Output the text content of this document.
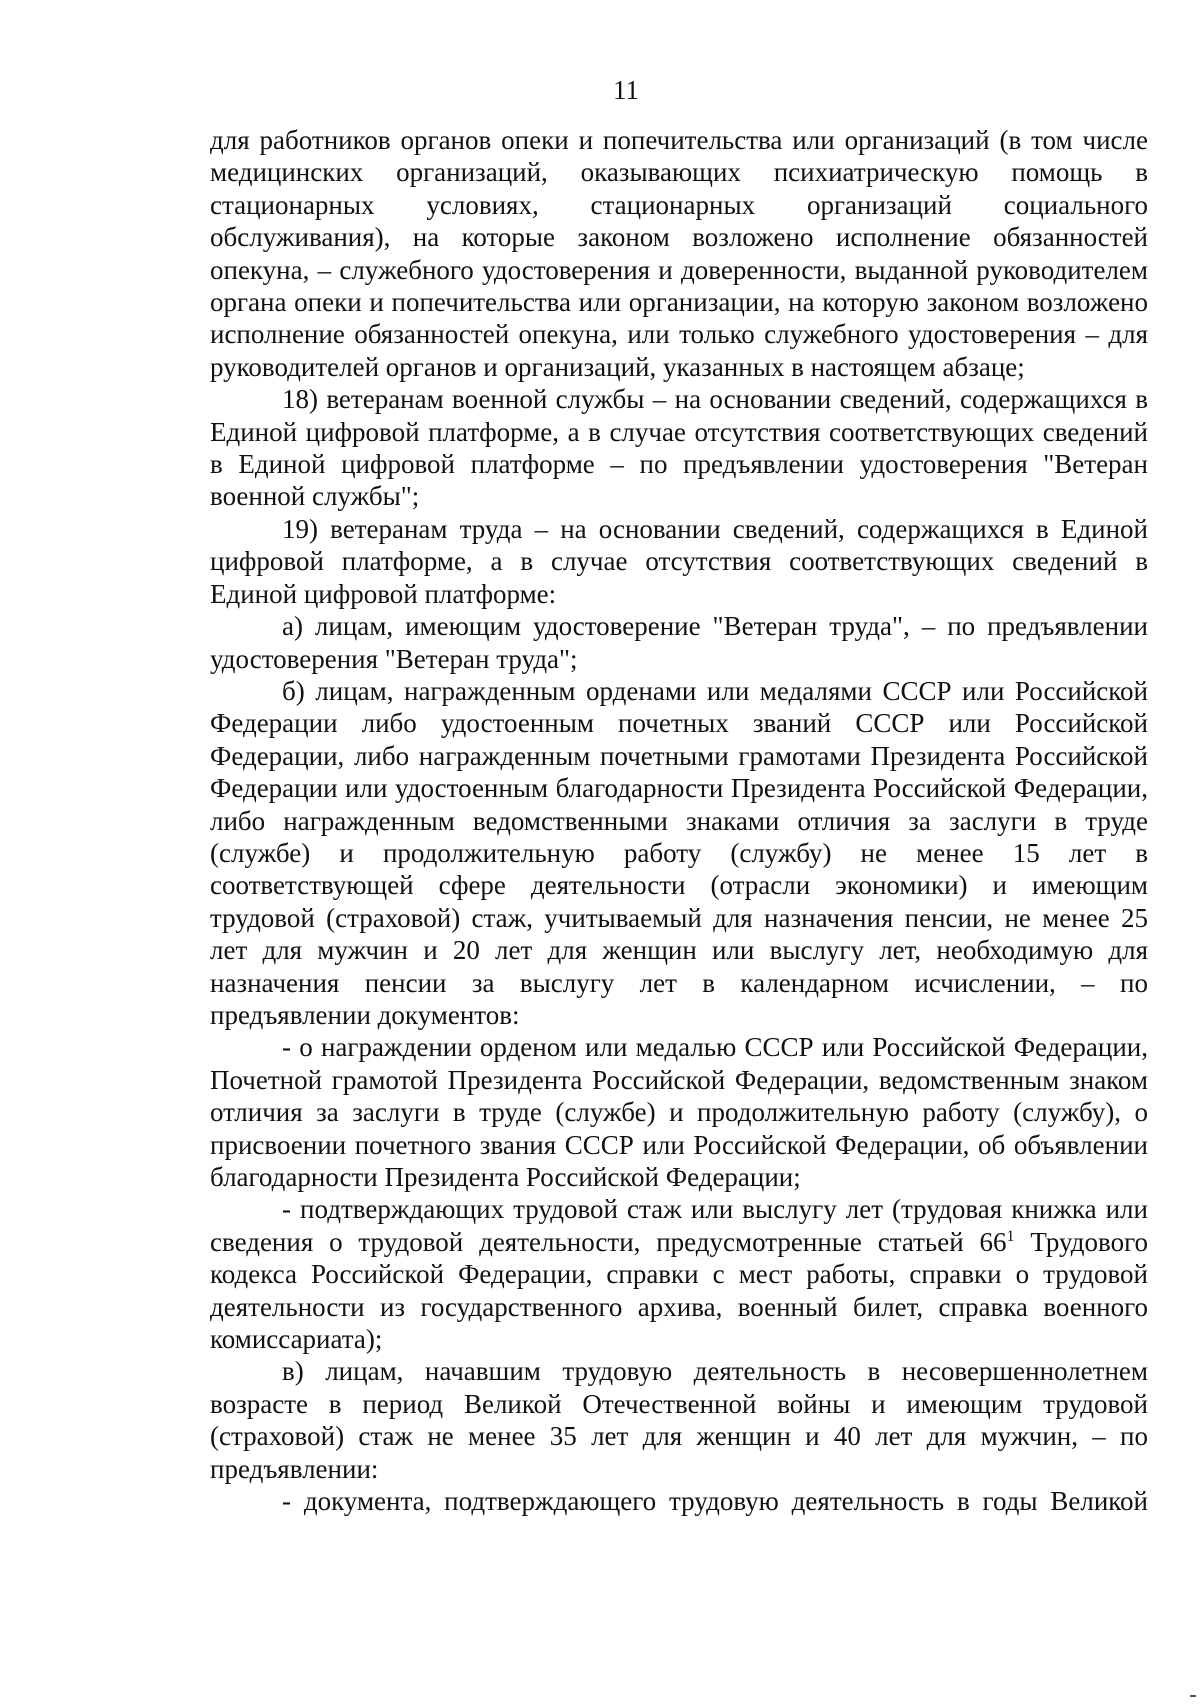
11

для работников органов опеки и попечительства или организаций (в том числе медицинских организаций, оказывающих психиатрическую помощь в стационарных условиях, стационарных организаций социального обслуживания), на которые законом возложено исполнение обязанностей опекуна, – служебного удостоверения и доверенности, выданной руководителем органа опеки и попечительства или организации, на которую законом возложено исполнение обязанностей опекуна, или только служебного удостоверения – для руководителей органов и организаций, указанных в настоящем абзаце;

18) ветеранам военной службы – на основании сведений, содержащихся в Единой цифровой платформе, а в случае отсутствия соответствующих сведений в Единой цифровой платформе – по предъявлении удостоверения "Ветеран военной службы";

19) ветеранам труда – на основании сведений, содержащихся в Единой цифровой платформе, а в случае отсутствия соответствующих сведений в Единой цифровой платформе:

а) лицам, имеющим удостоверение "Ветеран труда", – по предъявлении удостоверения "Ветеран труда";

б) лицам, награжденным орденами или медалями СССР или Российской Федерации либо удостоенным почетных званий СССР или Российской Федерации, либо награжденным почетными грамотами Президента Российской Федерации или удостоенным благодарности Президента Российской Федерации, либо награжденным ведомственными знаками отличия за заслуги в труде (службе) и продолжительную работу (службу) не менее 15 лет в соответствующей сфере деятельности (отрасли экономики) и имеющим трудовой (страховой) стаж, учитываемый для назначения пенсии, не менее 25 лет для мужчин и 20 лет для женщин или выслугу лет, необходимую для назначения пенсии за выслугу лет в календарном исчислении, – по предъявлении документов:

- о награждении орденом или медалью СССР или Российской Федерации, Почетной грамотой Президента Российской Федерации, ведомственным знаком отличия за заслуги в труде (службе) и продолжительную работу (службу), о присвоении почетного звания СССР или Российской Федерации, об объявлении благодарности Президента Российской Федерации;

- подтверждающих трудовой стаж или выслугу лет (трудовая книжка или сведения о трудовой деятельности, предусмотренные статьей $66^1$ Трудового кодекса Российской Федерации, справки с мест работы, справки о трудовой деятельности из государственного архива, военный билет, справка военного комиссариата);

в) лицам, начавшим трудовую деятельность в несовершеннолетнем возрасте в период Великой Отечественной войны и имеющим трудовой (страховой) стаж не менее 35 лет для женщин и 40 лет для мужчин, – по предъявлении:

- документа, подтверждающего трудовую деятельность в годы Великой
